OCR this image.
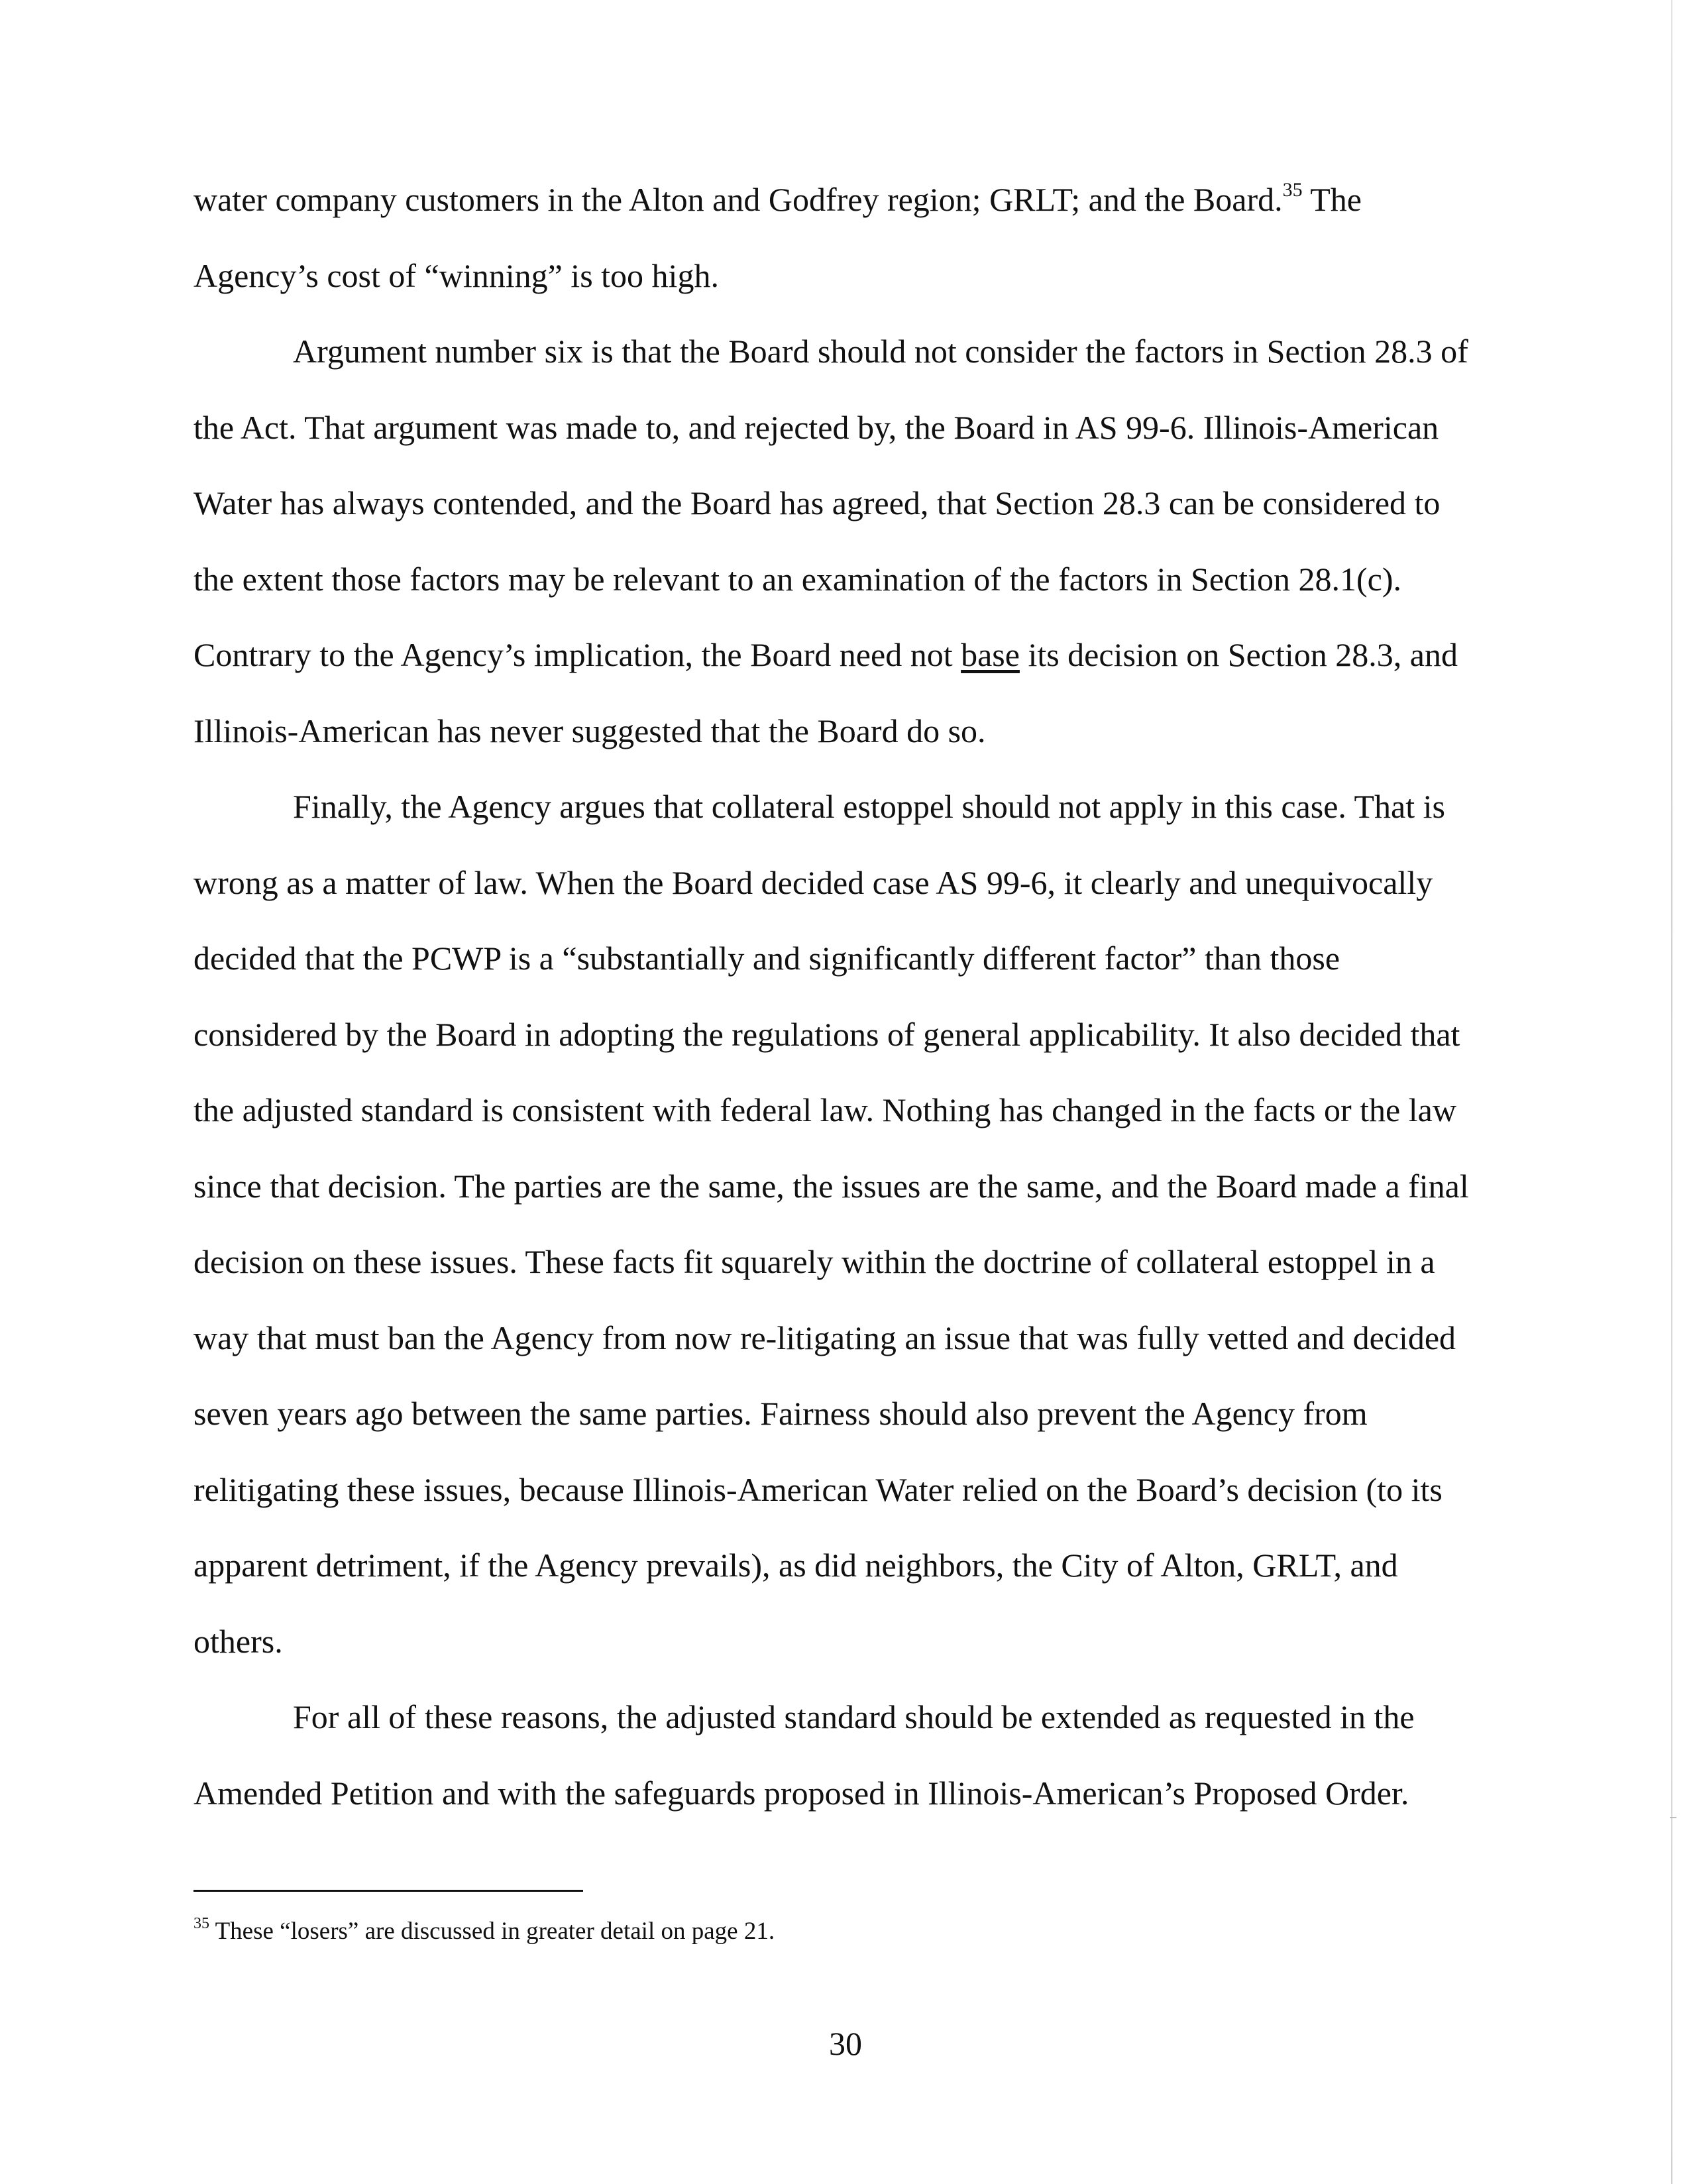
water company customers in the Alton and Godfrey region; GRLT; and the Board.$^{35}$ The
Agency’s cost of “winning” is too high.
Argument number six is that the Board should not consider the factors in Section 28.3 of
the Act. That argument was made to, and rejected by, the Board in AS 99-6. Illinois-American
Water has always contended, and the Board has agreed, that Section 28.3 can be considered to
the extent those factors may be relevant to an examination of the factors in Section 28.1(c).
Contrary to the Agency’s implication, the Board need not base its decision on Section 28.3, and
Illinois-American has never suggested that the Board do so.
Finally, the Agency argues that collateral estoppel should not apply in this case. That is
wrong as a matter of law. When the Board decided case AS 99-6, it clearly and unequivocally
decided that the PCWP is a “substantially and significantly different factor” than those
considered by the Board in adopting the regulations of general applicability. It also decided that
the adjusted standard is consistent with federal law. Nothing has changed in the facts or the law
since that decision. The parties are the same, the issues are the same, and the Board made a final
decision on these issues. These facts fit squarely within the doctrine of collateral estoppel in a
way that must ban the Agency from now re-litigating an issue that was fully vetted and decided
seven years ago between the same parties. Fairness should also prevent the Agency from
relitigating these issues, because Illinois-American Water relied on the Board’s decision (to its
apparent detriment, if the Agency prevails), as did neighbors, the City of Alton, GRLT, and
others.
For all of these reasons, the adjusted standard should be extended as requested in the
Amended Petition and with the safeguards proposed in Illinois-American’s Proposed Order.
$^{35}$ These “losers” are discussed in greater detail on page 21.
30
